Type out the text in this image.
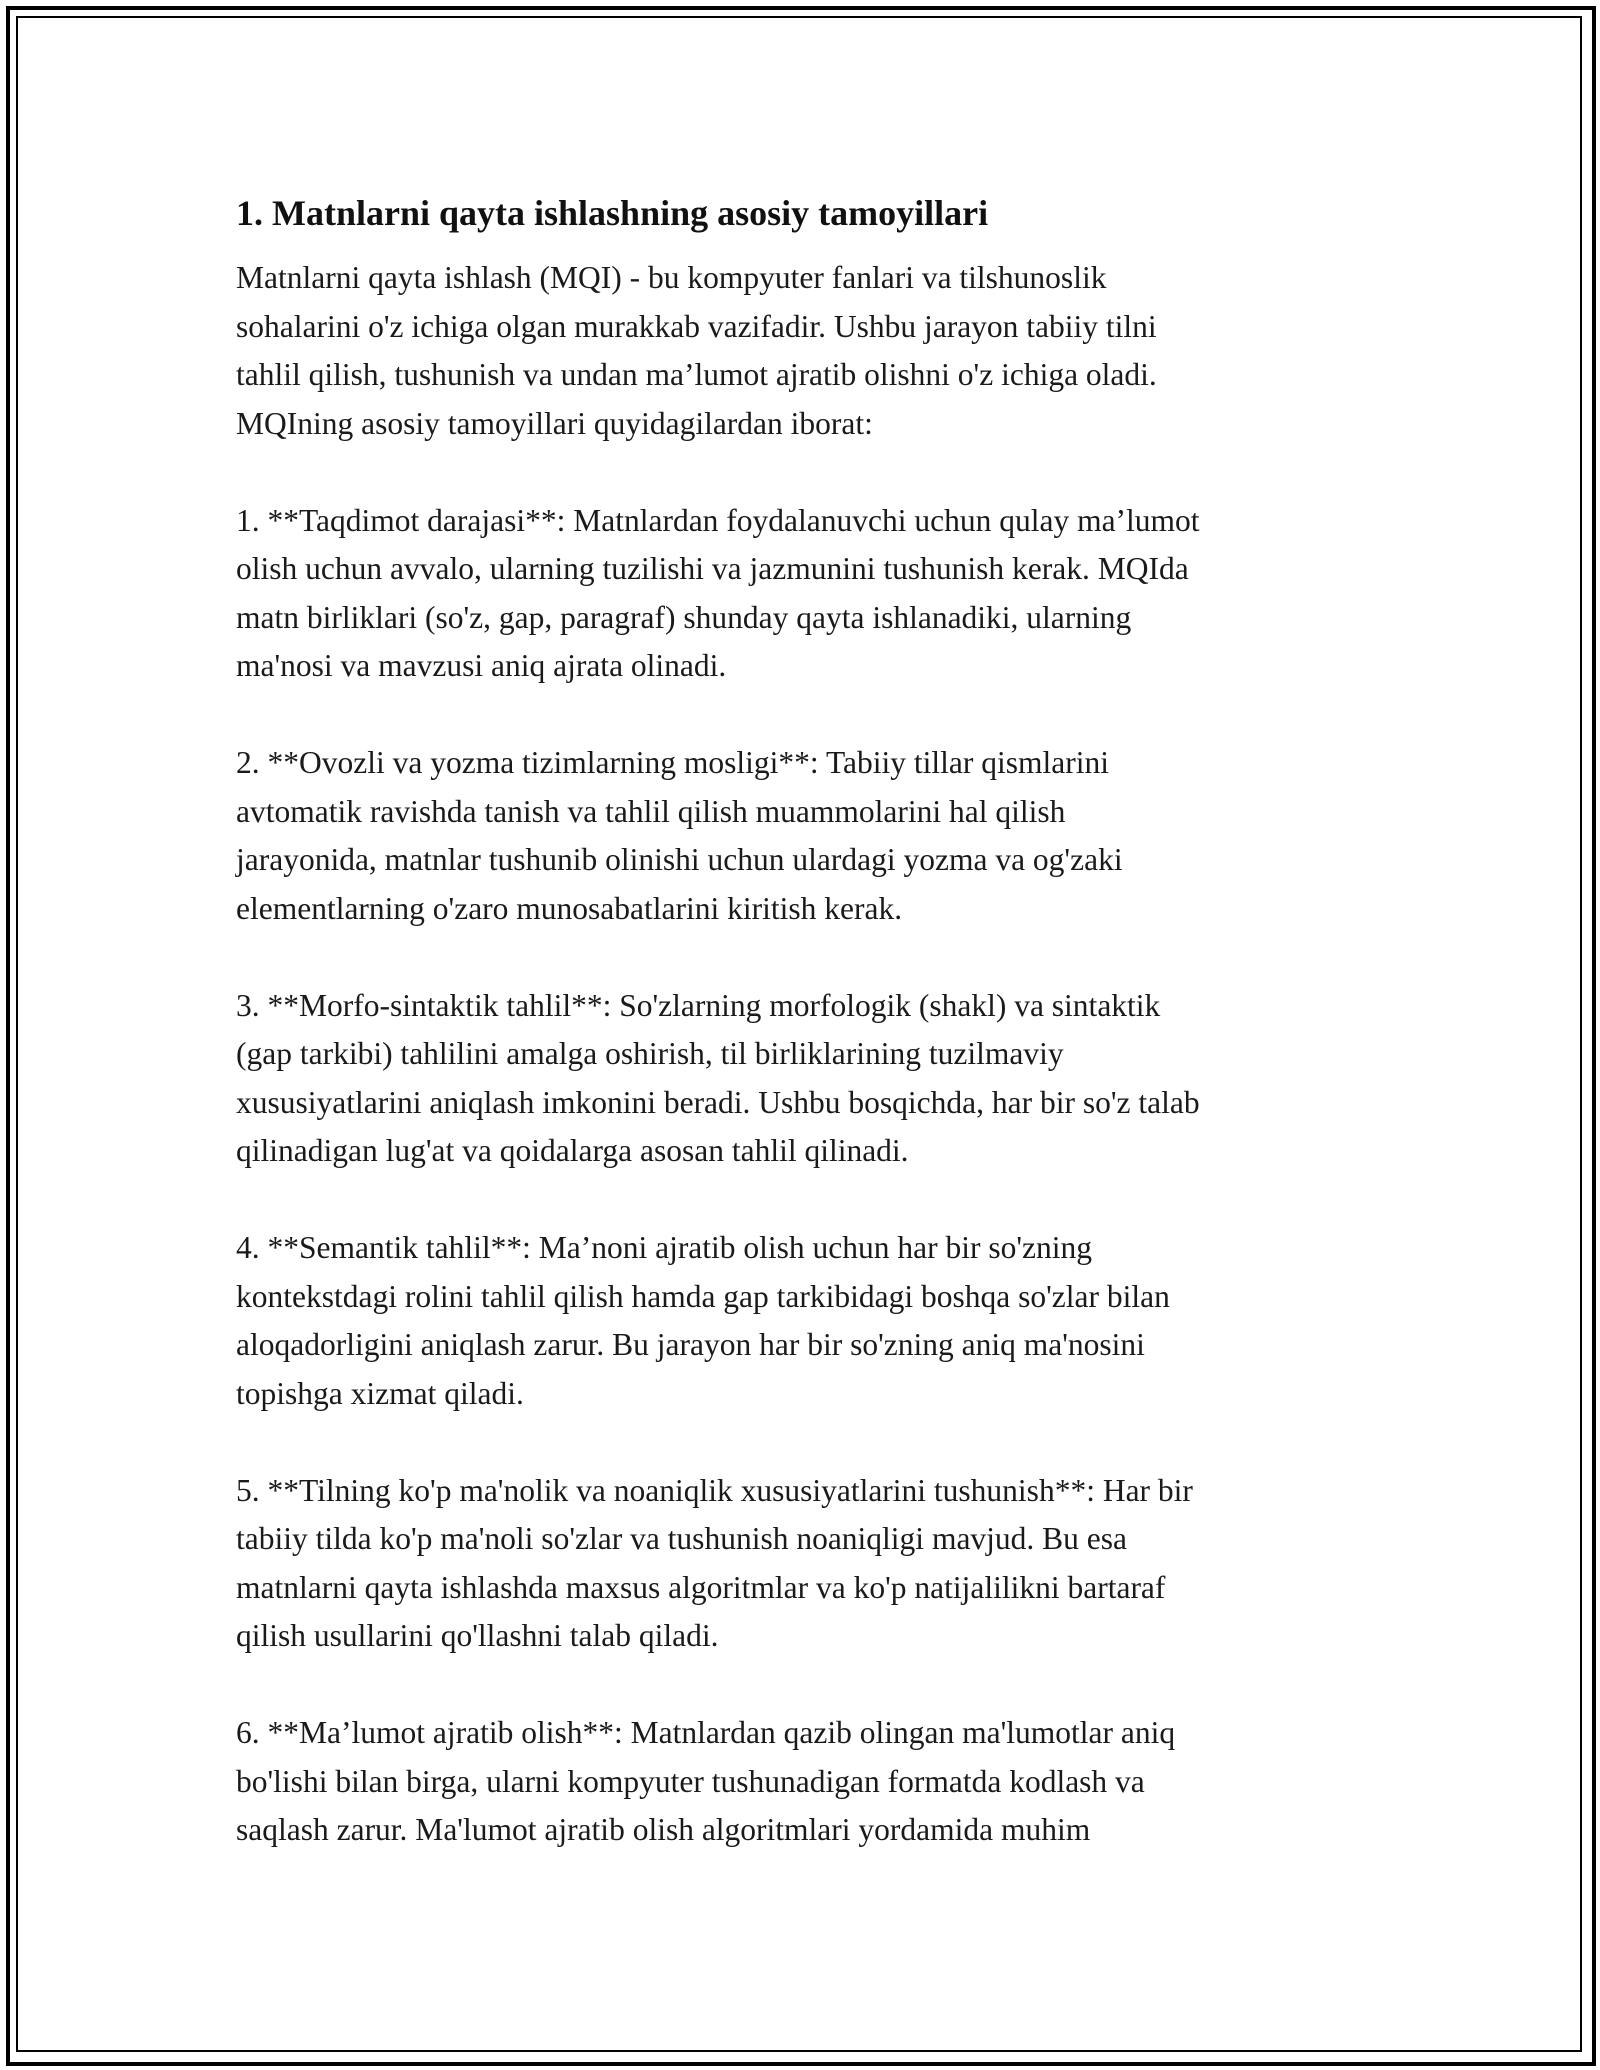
1. Matnlarni qayta ishlashning asosiy tamoyillari

Matnlarni qayta ishlash (MQI) - bu kompyuter fanlari va tilshunoslik
sohalarini o'z ichiga olgan murakkab vazifadir. Ushbu jarayon tabiiy tilni
tahlil qilish, tushunish va undan ma’lumot ajratib olishni o'z ichiga oladi.
MQIning asosiy tamoyillari quyidagilardan iborat:

1. **Taqdimot darajasi**: Matnlardan foydalanuvchi uchun qulay ma’lumot
olish uchun avvalo, ularning tuzilishi va jazmunini tushunish kerak. MQIda
matn birliklari (so'z, gap, paragraf) shunday qayta ishlanadiki, ularning
ma'nosi va mavzusi aniq ajrata olinadi.

2. **Ovozli va yozma tizimlarning mosligi**: Tabiiy tillar qismlarini
avtomatik ravishda tanish va tahlil qilish muammolarini hal qilish
jarayonida, matnlar tushunib olinishi uchun ulardagi yozma va og'zaki
elementlarning o'zaro munosabatlarini kiritish kerak.

3. **Morfo-sintaktik tahlil**: So'zlarning morfologik (shakl) va sintaktik
(gap tarkibi) tahlilini amalga oshirish, til birliklarining tuzilmaviy
xususiyatlarini aniqlash imkonini beradi. Ushbu bosqichda, har bir so'z talab
qilinadigan lug'at va qoidalarga asosan tahlil qilinadi.

4. **Semantik tahlil**: Ma’noni ajratib olish uchun har bir so'zning
kontekstdagi rolini tahlil qilish hamda gap tarkibidagi boshqa so'zlar bilan
aloqadorligini aniqlash zarur. Bu jarayon har bir so'zning aniq ma'nosini
topishga xizmat qiladi.

5. **Tilning ko'p ma'nolik va noaniqlik xususiyatlarini tushunish**: Har bir
tabiiy tilda ko'p ma'noli so'zlar va tushunish noaniqligi mavjud. Bu esa
matnlarni qayta ishlashda maxsus algoritmlar va ko'p natijalilikni bartaraf
qilish usullarini qo'llashni talab qiladi.

6. **Ma’lumot ajratib olish**: Matnlardan qazib olingan ma'lumotlar aniq
bo'lishi bilan birga, ularni kompyuter tushunadigan formatda kodlash va
saqlash zarur. Ma'lumot ajratib olish algoritmlari yordamida muhim
